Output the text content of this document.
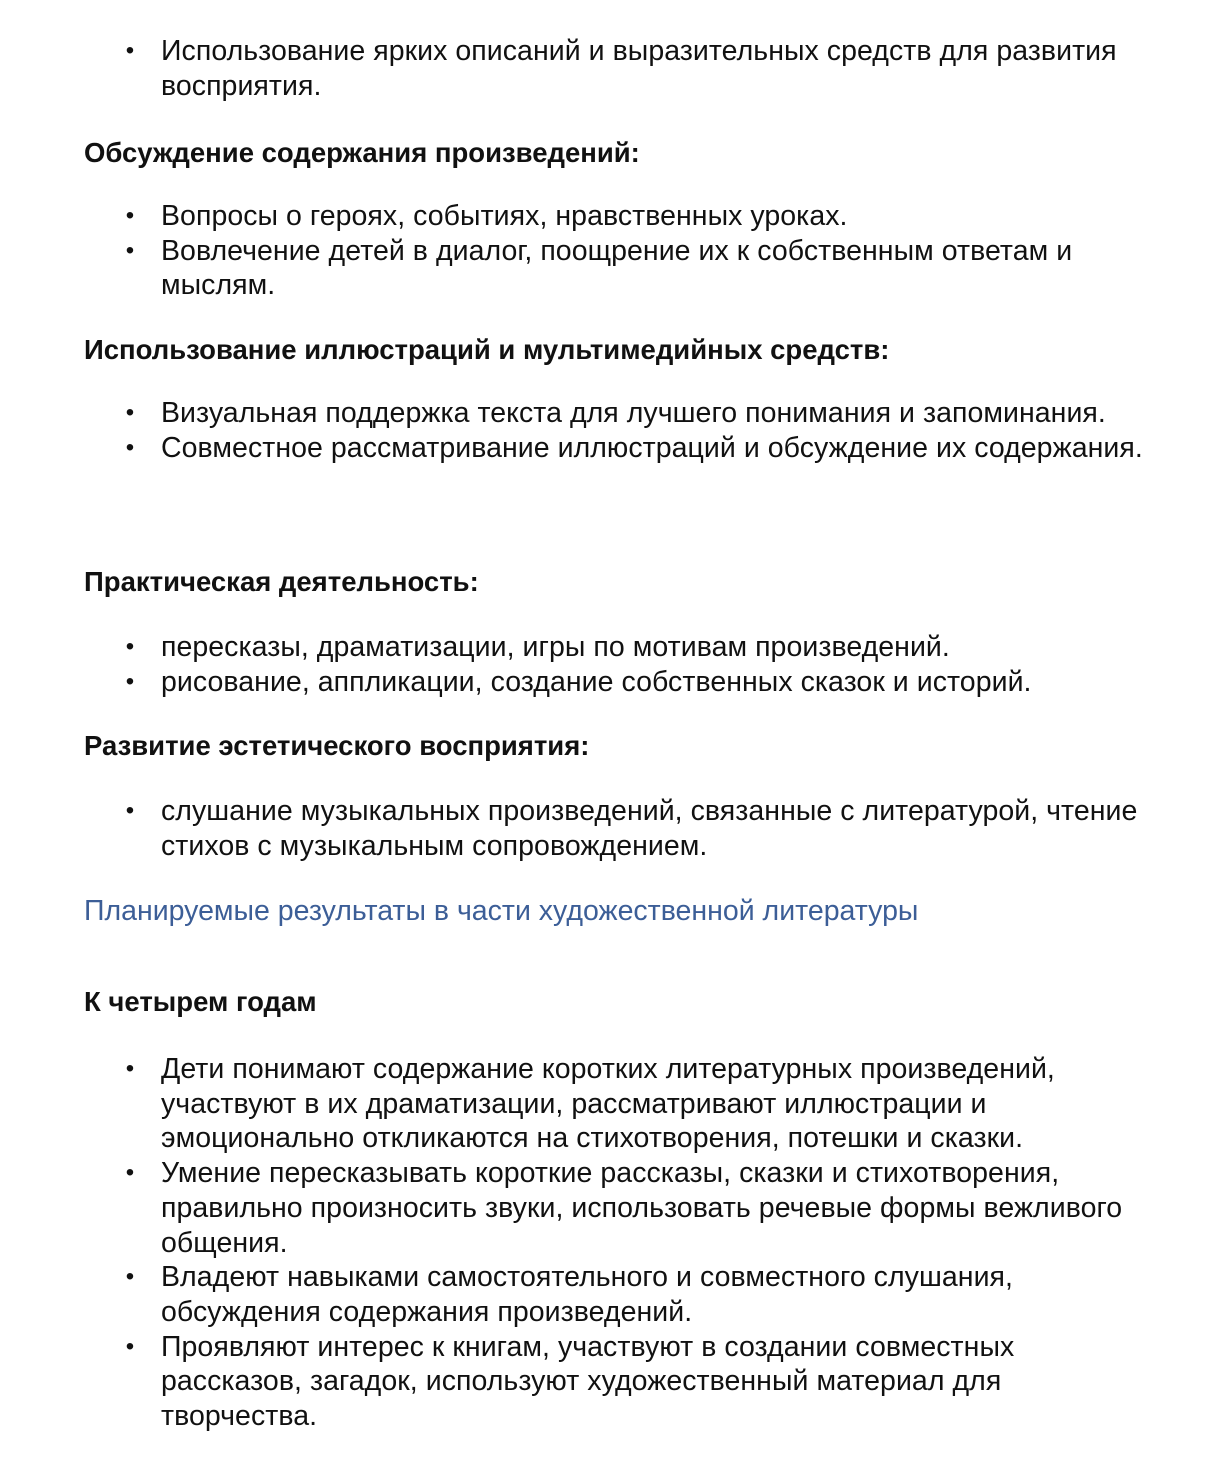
• Использование ярких описаний и выразительных средств для развития восприятия.
Обсуждение содержания произведений:
• Вопросы о героях, событиях, нравственных уроках.
• Вовлечение детей в диалог, поощрение их к собственным ответам и мыслям.
Использование иллюстраций и мультимедийных средств:
• Визуальная поддержка текста для лучшего понимания и запоминания.
• Совместное рассматривание иллюстраций и обсуждение их содержания.
Практическая деятельность:
• пересказы, драматизации, игры по мотивам произведений.
• рисование, аппликации, создание собственных сказок и историй.
Развитие эстетического восприятия:
• слушание музыкальных произведений, связанные с литературой, чтение стихов с музыкальным сопровождением.
Планируемые результаты в части художественной литературы
К четырем годам
• Дети понимают содержание коротких литературных произведений, участвуют в их драматизации, рассматривают иллюстрации и эмоционально откликаются на стихотворения, потешки и сказки.
• Умение пересказывать короткие рассказы, сказки и стихотворения, правильно произносить звуки, использовать речевые формы вежливого общения.
• Владеют навыками самостоятельного и совместного слушания, обсуждения содержания произведений.
• Проявляют интерес к книгам, участвуют в создании совместных рассказов, загадок, используют художественный материал для творчества.
